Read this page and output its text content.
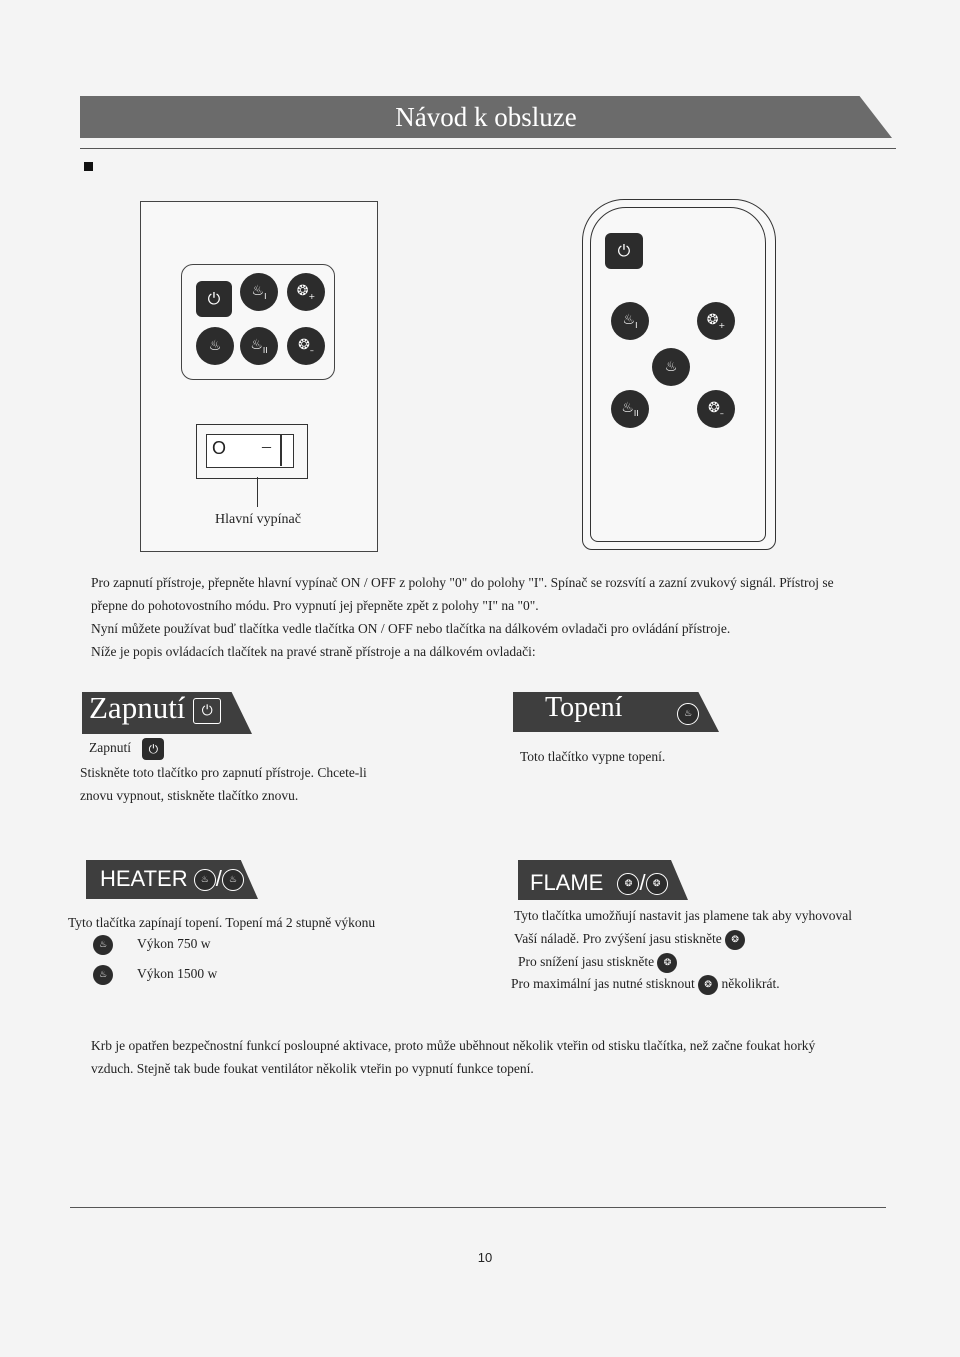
Návod k obsluze
⏻ $♨_I$ $❂_+$
♨ $♨_{II}$ $❂_-$
O –
Hlavní vypínač
⏻
$♨_I$	$❂_+$
♨
$♨_{II}$	$❂_-$
Pro zapnutí přístroje, přepněte hlavní vypínač ON / OFF z polohy "0" do polohy "I". Spínač se rozsvítí a zazní zvukový signál. Přístroj se
přepne do pohotovostního módu. Pro vypnutí jej přepněte zpět z polohy "I" na "0".
Nyní můžete používat buď tlačítka vedle tlačítka ON / OFF nebo tlačítka na dálkovém ovladači pro ovládání přístroje.
Níže je popis ovládacích tlačítek na pravé straně přístroje a na dálkovém ovladači:
Zapnutí ⏻
Zapnutí ⏻
Stiskněte toto tlačítko pro zapnutí přístroje. Chcete-li
znovu vypnout, stiskněte tlačítko znovu.
Topení	♨
Toto tlačítko vypne topení.
HEATER ♨ / ♨
Tyto tlačítka zapínají topení. Topení má 2 stupně výkonu
♨	Výkon 750 w
♨	Výkon 1500 w
FLAME ❂ / ❂
Tyto tlačítka umožňují nastavit jas plamene tak aby vyhovoval
Vaší náladě. Pro zvýšení jasu stiskněte ❂
Pro snížení jasu stiskněte ❂
Pro maximální jas nutné stisknout ❂ několikrát.
Krb je opatřen bezpečnostní funkcí posloupné aktivace, proto může uběhnout několik vteřin od stisku tlačítka, než začne foukat horký
vzduch. Stejně tak bude foukat ventilátor několik vteřin po vypnutí funkce topení.
10
